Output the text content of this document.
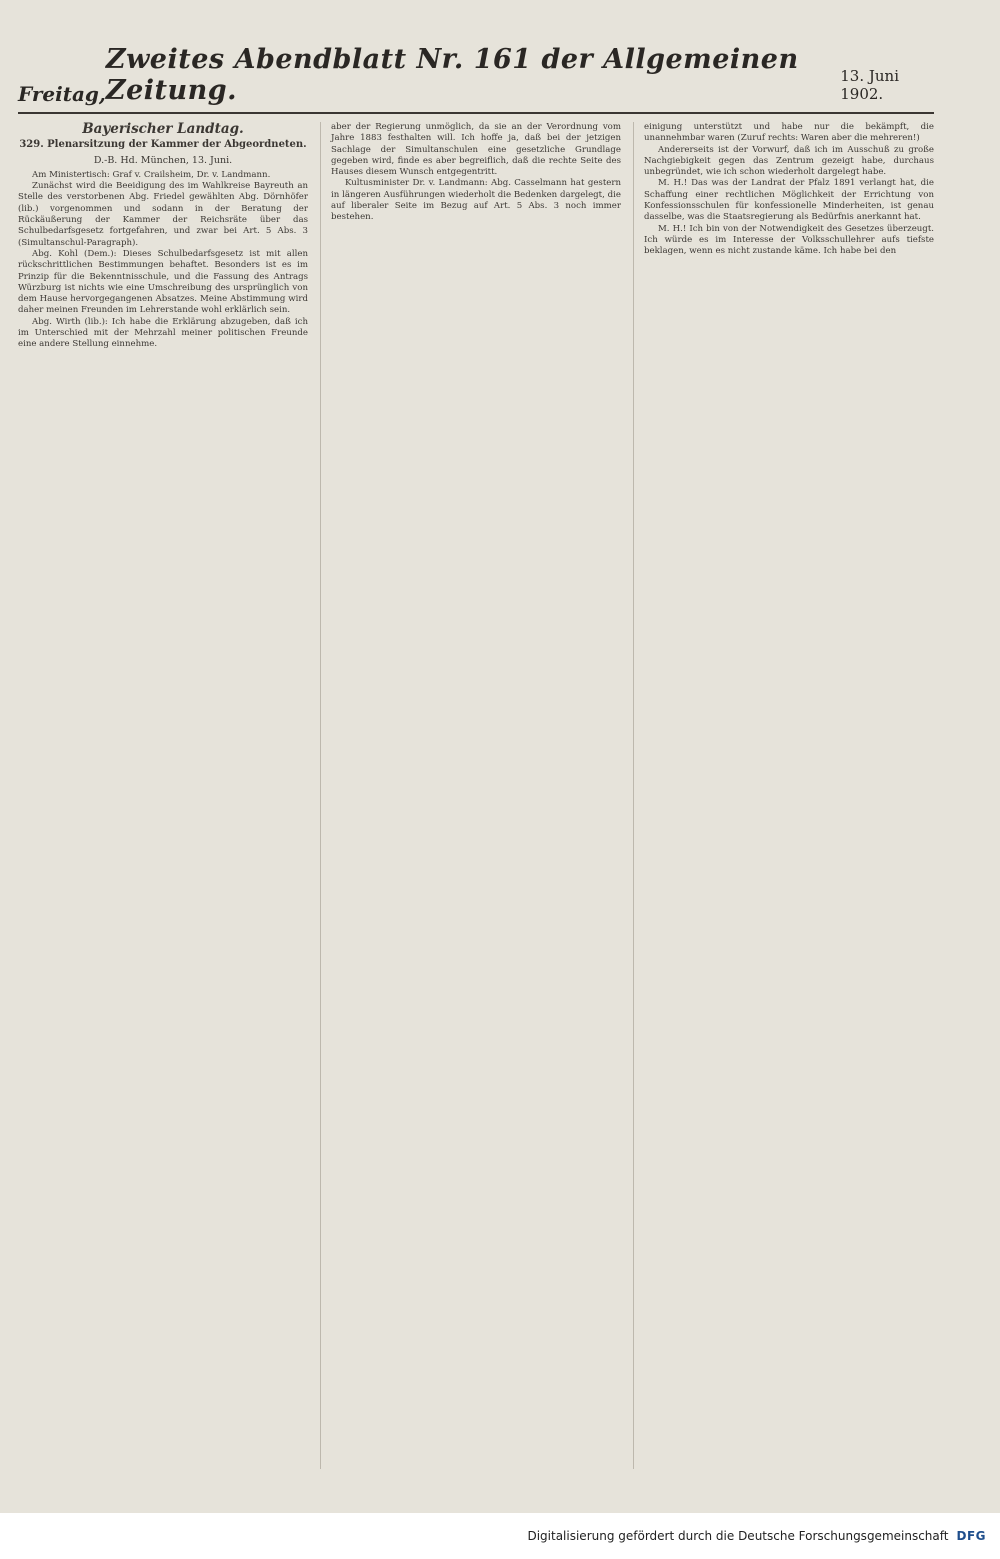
Freitag,
Zweites Abendblatt Nr. 161 der Allgemeinen Zeitung.	13. Juni 1902.
Bayerischer Landtag.
329. Plenarsitzung der Kammer der Abgeordneten.
D.-B. Hd. München, 13. Juni.

Am Ministertisch: Graf v. Crailsheim, Dr. v. Landmann.

Zunächst wird die Beeidigung des im Wahlkreise Bayreuth an Stelle des verstorbenen Abg. Friedel gewählten Abg. Dörnhöfer (lib.) vorgenommen und sodann in der Beratung der Rückäußerung der Kammer der Reichsräte über das Schulbedarfsgesetz fortgefahren, und zwar bei Art. 5 Abs. 3 (Simultanschul-Paragraph).

Abg. Kohl (Dem.): Dieses Schulbedarfsgesetz ist mit allen rückschrittlichen Bestimmungen behaftet. Besonders ist es im Prinzip für die Bekenntnisschule, und die Fassung des Antrags Würzburg ist nichts wie eine Umschreibung des ursprünglich von dem Hause hervorgegangenen Absatzes. Meine Abstimmung wird daher meinen Freunden im Lehrerstande wohl erklärlich sein.

Abg. Wirth (lib.): Ich habe die Erklärung abzugeben, daß ich im Unterschied mit der Mehrzahl meiner politischen Freunde eine andere Stellung einnehme.

aber der Regierung unmöglich, da sie an der Verordnung vom Jahre 1883 festhalten will. Ich hoffe ja, daß bei der jetzigen Sachlage der Simultanschulen eine gesetzliche Grundlage gegeben wird, finde es aber begreiflich, daß die rechte Seite des Hauses diesem Wunsch entgegentritt.

Kultusminister Dr. v. Landmann: Abg. Casselmann hat gestern in längeren Ausführungen wiederholt die Bedenken dargelegt, die auf liberaler Seite im Bezug auf Art. 5 Abs. 3 noch immer bestehen.

einigung unterstützt und habe nur die bekämpft, die unannehmbar waren (Zuruf rechts: Waren aber die mehreren!)

Andererseits ist der Vorwurf, daß ich im Ausschuß zu große Nachgiebigkeit gegen das Zentrum gezeigt habe, durchaus unbegründet, wie ich schon wiederholt dargelegt habe.

M. H.! Das was der Landrat der Pfalz 1891 verlangt hat, die Schaffung einer rechtlichen Möglichkeit der Errichtung von Konfessionsschulen für konfessionelle Minderheiten, ist genau dasselbe, was die Staatsregierung als Bedürfnis anerkannt hat.

M. H.! Ich bin von der Notwendigkeit des Gesetzes überzeugt. Ich würde es im Interesse der Volksschullehrer aufs tiefste beklagen, wenn es nicht zustande käme. Ich habe bei den

Digitalisierung gefördert durch die Deutsche Forschungsgemeinschaft DFG
